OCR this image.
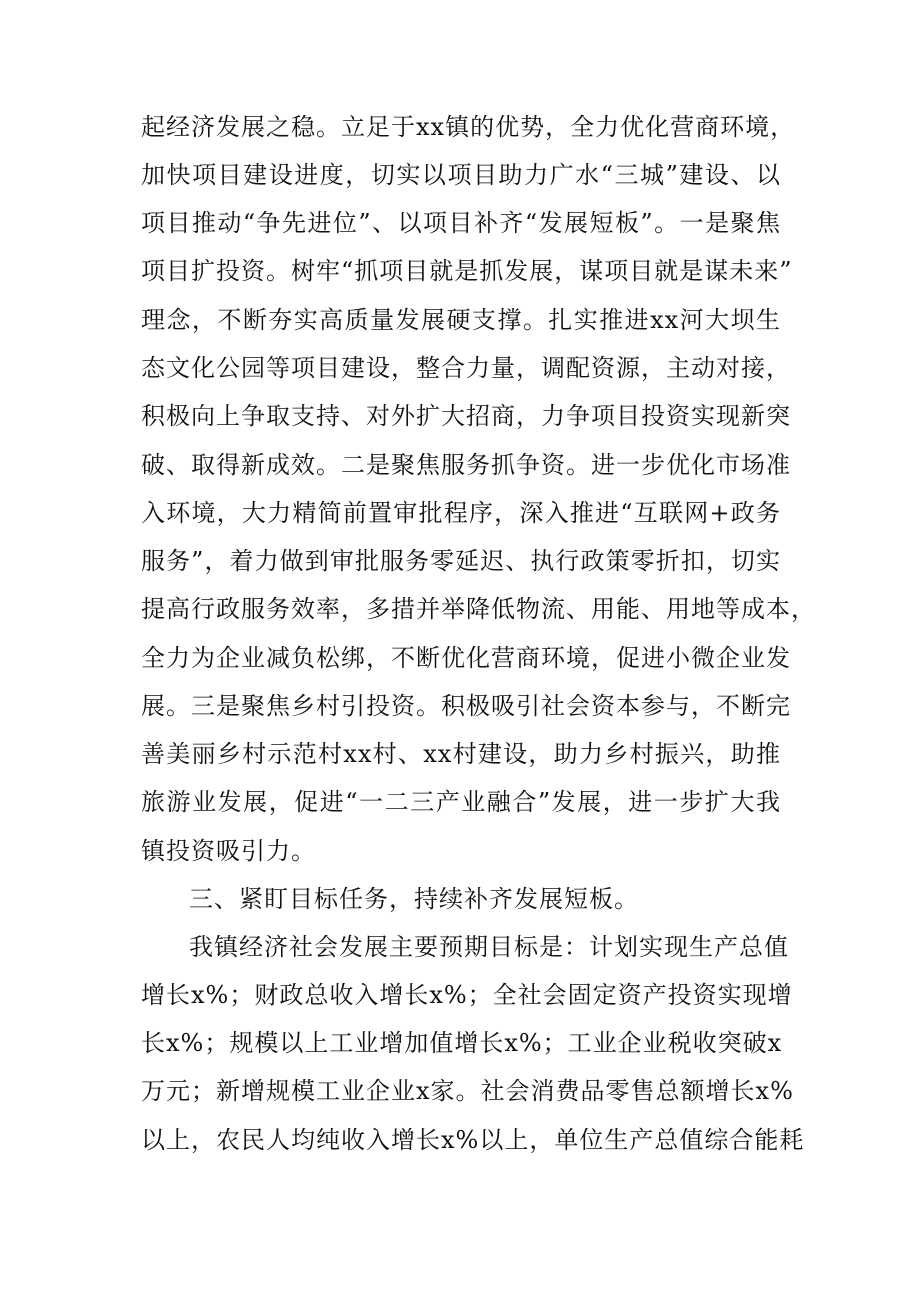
起经济发展之稳。立足于xx镇的优势，全力优化营商环境，
加快项目建设进度，切实以项目助力广水“三城”建设、以
项目推动“争先进位”、以项目补齐“发展短板”。一是聚焦
项目扩投资。树牢“抓项目就是抓发展，谋项目就是谋未来”
理念，不断夯实高质量发展硬支撑。扎实推进xx河大坝生
态文化公园等项目建设，整合力量，调配资源，主动对接，
积极向上争取支持、对外扩大招商，力争项目投资实现新突
破、取得新成效。二是聚焦服务抓争资。进一步优化市场准
入环境，大力精简前置审批程序，深入推进“互联网+政务
服务”，着力做到审批服务零延迟、执行政策零折扣，切实
提高行政服务效率，多措并举降低物流、用能、用地等成本，
全力为企业减负松绑，不断优化营商环境，促进小微企业发
展。三是聚焦乡村引投资。积极吸引社会资本参与，不断完
善美丽乡村示范村xx村、xx村建设，助力乡村振兴，助推
旅游业发展，促进“一二三产业融合”发展，进一步扩大我
镇投资吸引力。
三、紧盯目标任务，持续补齐发展短板。
我镇经济社会发展主要预期目标是：计划实现生产总值
增长x%；财政总收入增长x%；全社会固定资产投资实现增
长x%；规模以上工业增加值增长x%；工业企业税收突破x
万元；新增规模工业企业x家。社会消费品零售总额增长x%
以上，农民人均纯收入增长x%以上，单位生产总值综合能耗
